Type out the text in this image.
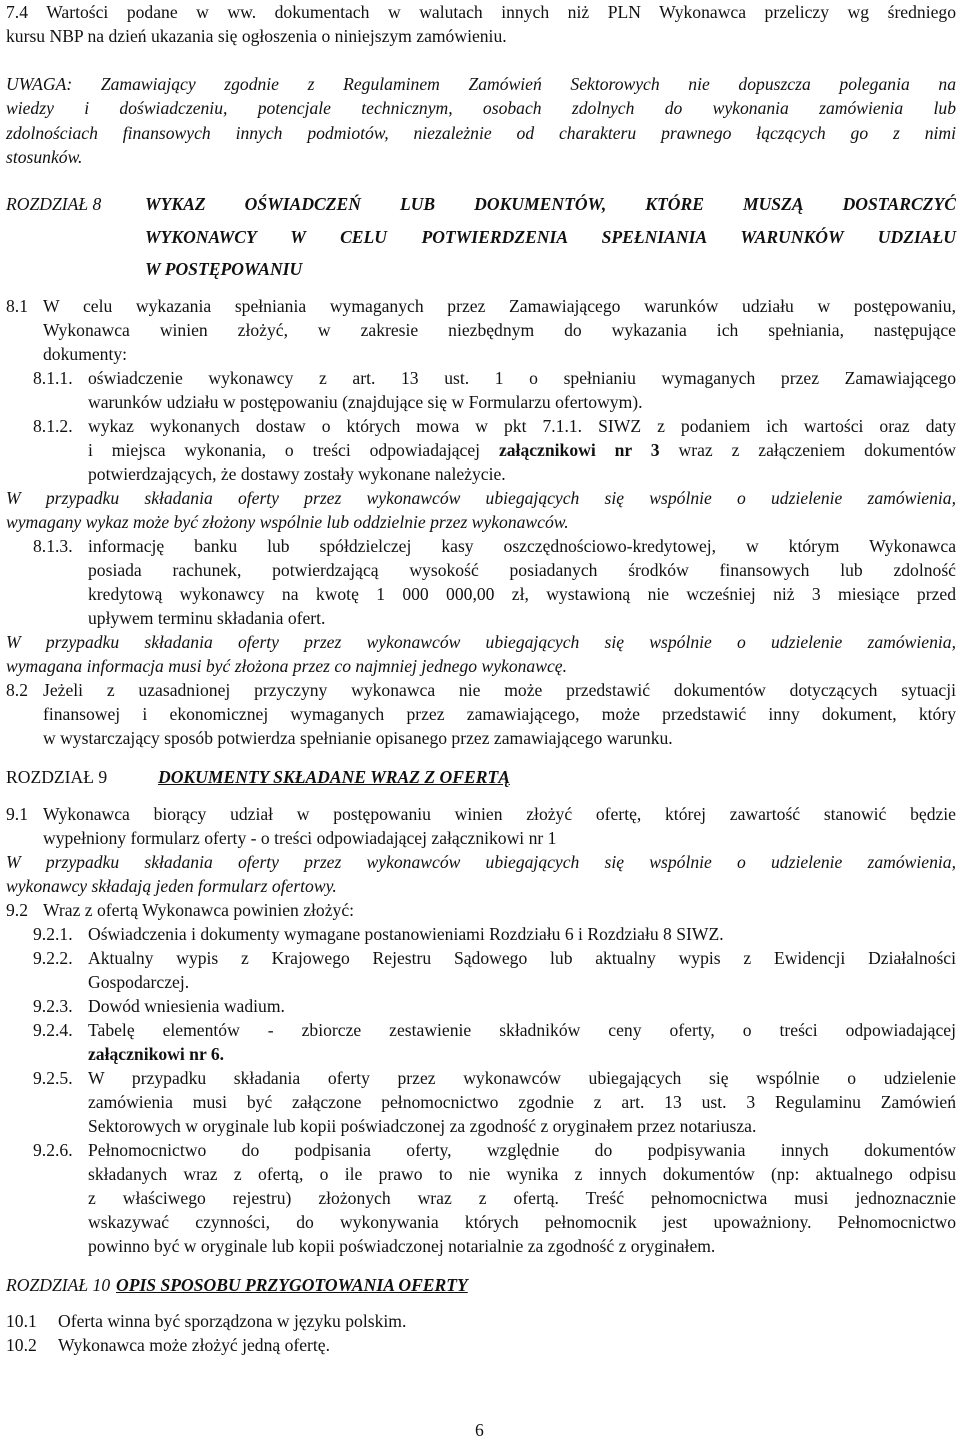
7.4 Wartości podane w ww. dokumentach w walutach innych niż PLN Wykonawca przeliczy wg średniego

kursu NBP na dzień ukazania się ogłoszenia o niniejszym zamówieniu.

UWAGA: Zamawiający zgodnie z Regulaminem Zamówień Sektorowych nie dopuszcza polegania na

wiedzy i doświadczeniu, potencjale technicznym, osobach zdolnych do wykonania zamówienia lub

zdolnościach finansowych innych podmiotów, niezależnie od charakteru prawnego łączących go z nimi

stosunków.

ROZDZIAŁ 8 WYKAZ OŚWIADCZEŃ LUB DOKUMENTÓW, KTÓRE MUSZĄ DOSTARCZYĆ

WYKONAWCY W CELU POTWIERDZENIA SPEŁNIANIA WARUNKÓW UDZIAŁU

W POSTĘPOWANIU

8.1 W celu wykazania spełniania wymaganych przez Zamawiającego warunków udziału w postępowaniu,

Wykonawca winien złożyć, w zakresie niezbędnym do wykazania ich spełniania, następujące

dokumenty:

8.1.1. oświadczenie wykonawcy z art. 13 ust. 1 o spełnianiu wymaganych przez Zamawiającego

warunków udziału w postępowaniu (znajdujące się w Formularzu ofertowym).

8.1.2. wykaz wykonanych dostaw o których mowa w pkt 7.1.1. SIWZ z podaniem ich wartości oraz daty

i miejsca wykonania, o treści odpowiadającej załącznikowi nr 3 wraz z załączeniem dokumentów

potwierdzających, że dostawy zostały wykonane należycie.

W przypadku składania oferty przez wykonawców ubiegających się wspólnie o udzielenie zamówienia,

wymagany wykaz może być złożony wspólnie lub oddzielnie przez wykonawców.

8.1.3. informację banku lub spółdzielczej kasy oszczędnościowo-kredytowej, w którym Wykonawca

posiada rachunek, potwierdzającą wysokość posiadanych środków finansowych lub zdolność

kredytową wykonawcy na kwotę 1 000 000,00 zł, wystawioną nie wcześniej niż 3 miesiące przed

upływem terminu składania ofert.

W przypadku składania oferty przez wykonawców ubiegających się wspólnie o udzielenie zamówienia,

wymagana informacja musi być złożona przez co najmniej jednego wykonawcę.

8.2 Jeżeli z uzasadnionej przyczyny wykonawca nie może przedstawić dokumentów dotyczących sytuacji

finansowej i ekonomicznej wymaganych przez zamawiającego, może przedstawić inny dokument, który

w wystarczający sposób potwierdza spełnianie opisanego przez zamawiającego warunku.

ROZDZIAŁ 9	DOKUMENTY SKŁADANE WRAZ Z OFERTĄ

9.1 Wykonawca biorący udział w postępowaniu winien złożyć ofertę, której zawartość stanowić będzie

wypełniony formularz oferty - o treści odpowiadającej załącznikowi nr 1

W przypadku składania oferty przez wykonawców ubiegających się wspólnie o udzielenie zamówienia,

wykonawcy składają jeden formularz ofertowy.

9.2 Wraz z ofertą Wykonawca powinien złożyć:

9.2.1. Oświadczenia i dokumenty wymagane postanowieniami Rozdziału 6 i Rozdziału 8 SIWZ.

9.2.2. Aktualny wypis z Krajowego Rejestru Sądowego lub aktualny wypis z Ewidencji Działalności

Gospodarczej.

9.2.3. Dowód wniesienia wadium.

9.2.4. Tabelę elementów - zbiorcze zestawienie składników ceny oferty, o treści odpowiadającej

załącznikowi nr 6.

9.2.5. W przypadku składania oferty przez wykonawców ubiegających się wspólnie o udzielenie

zamówienia musi być załączone pełnomocnictwo zgodnie z art. 13 ust. 3 Regulaminu Zamówień

Sektorowych w oryginale lub kopii poświadczonej za zgodność z oryginałem przez notariusza.

9.2.6. Pełnomocnictwo do podpisania oferty, względnie do podpisywania innych dokumentów

składanych wraz z ofertą, o ile prawo to nie wynika z innych dokumentów (np: aktualnego odpisu

z właściwego rejestru) złożonych wraz z ofertą. Treść pełnomocnictwa musi jednoznacznie

wskazywać czynności, do wykonywania których pełnomocnik jest upoważniony. Pełnomocnictwo

powinno być w oryginale lub kopii poświadczonej notarialnie za zgodność z oryginałem.

ROZDZIAŁ 10 OPIS SPOSOBU PRZYGOTOWANIA OFERTY

10.1 Oferta winna być sporządzona w języku polskim.

10.2 Wykonawca może złożyć jedną ofertę.

6
